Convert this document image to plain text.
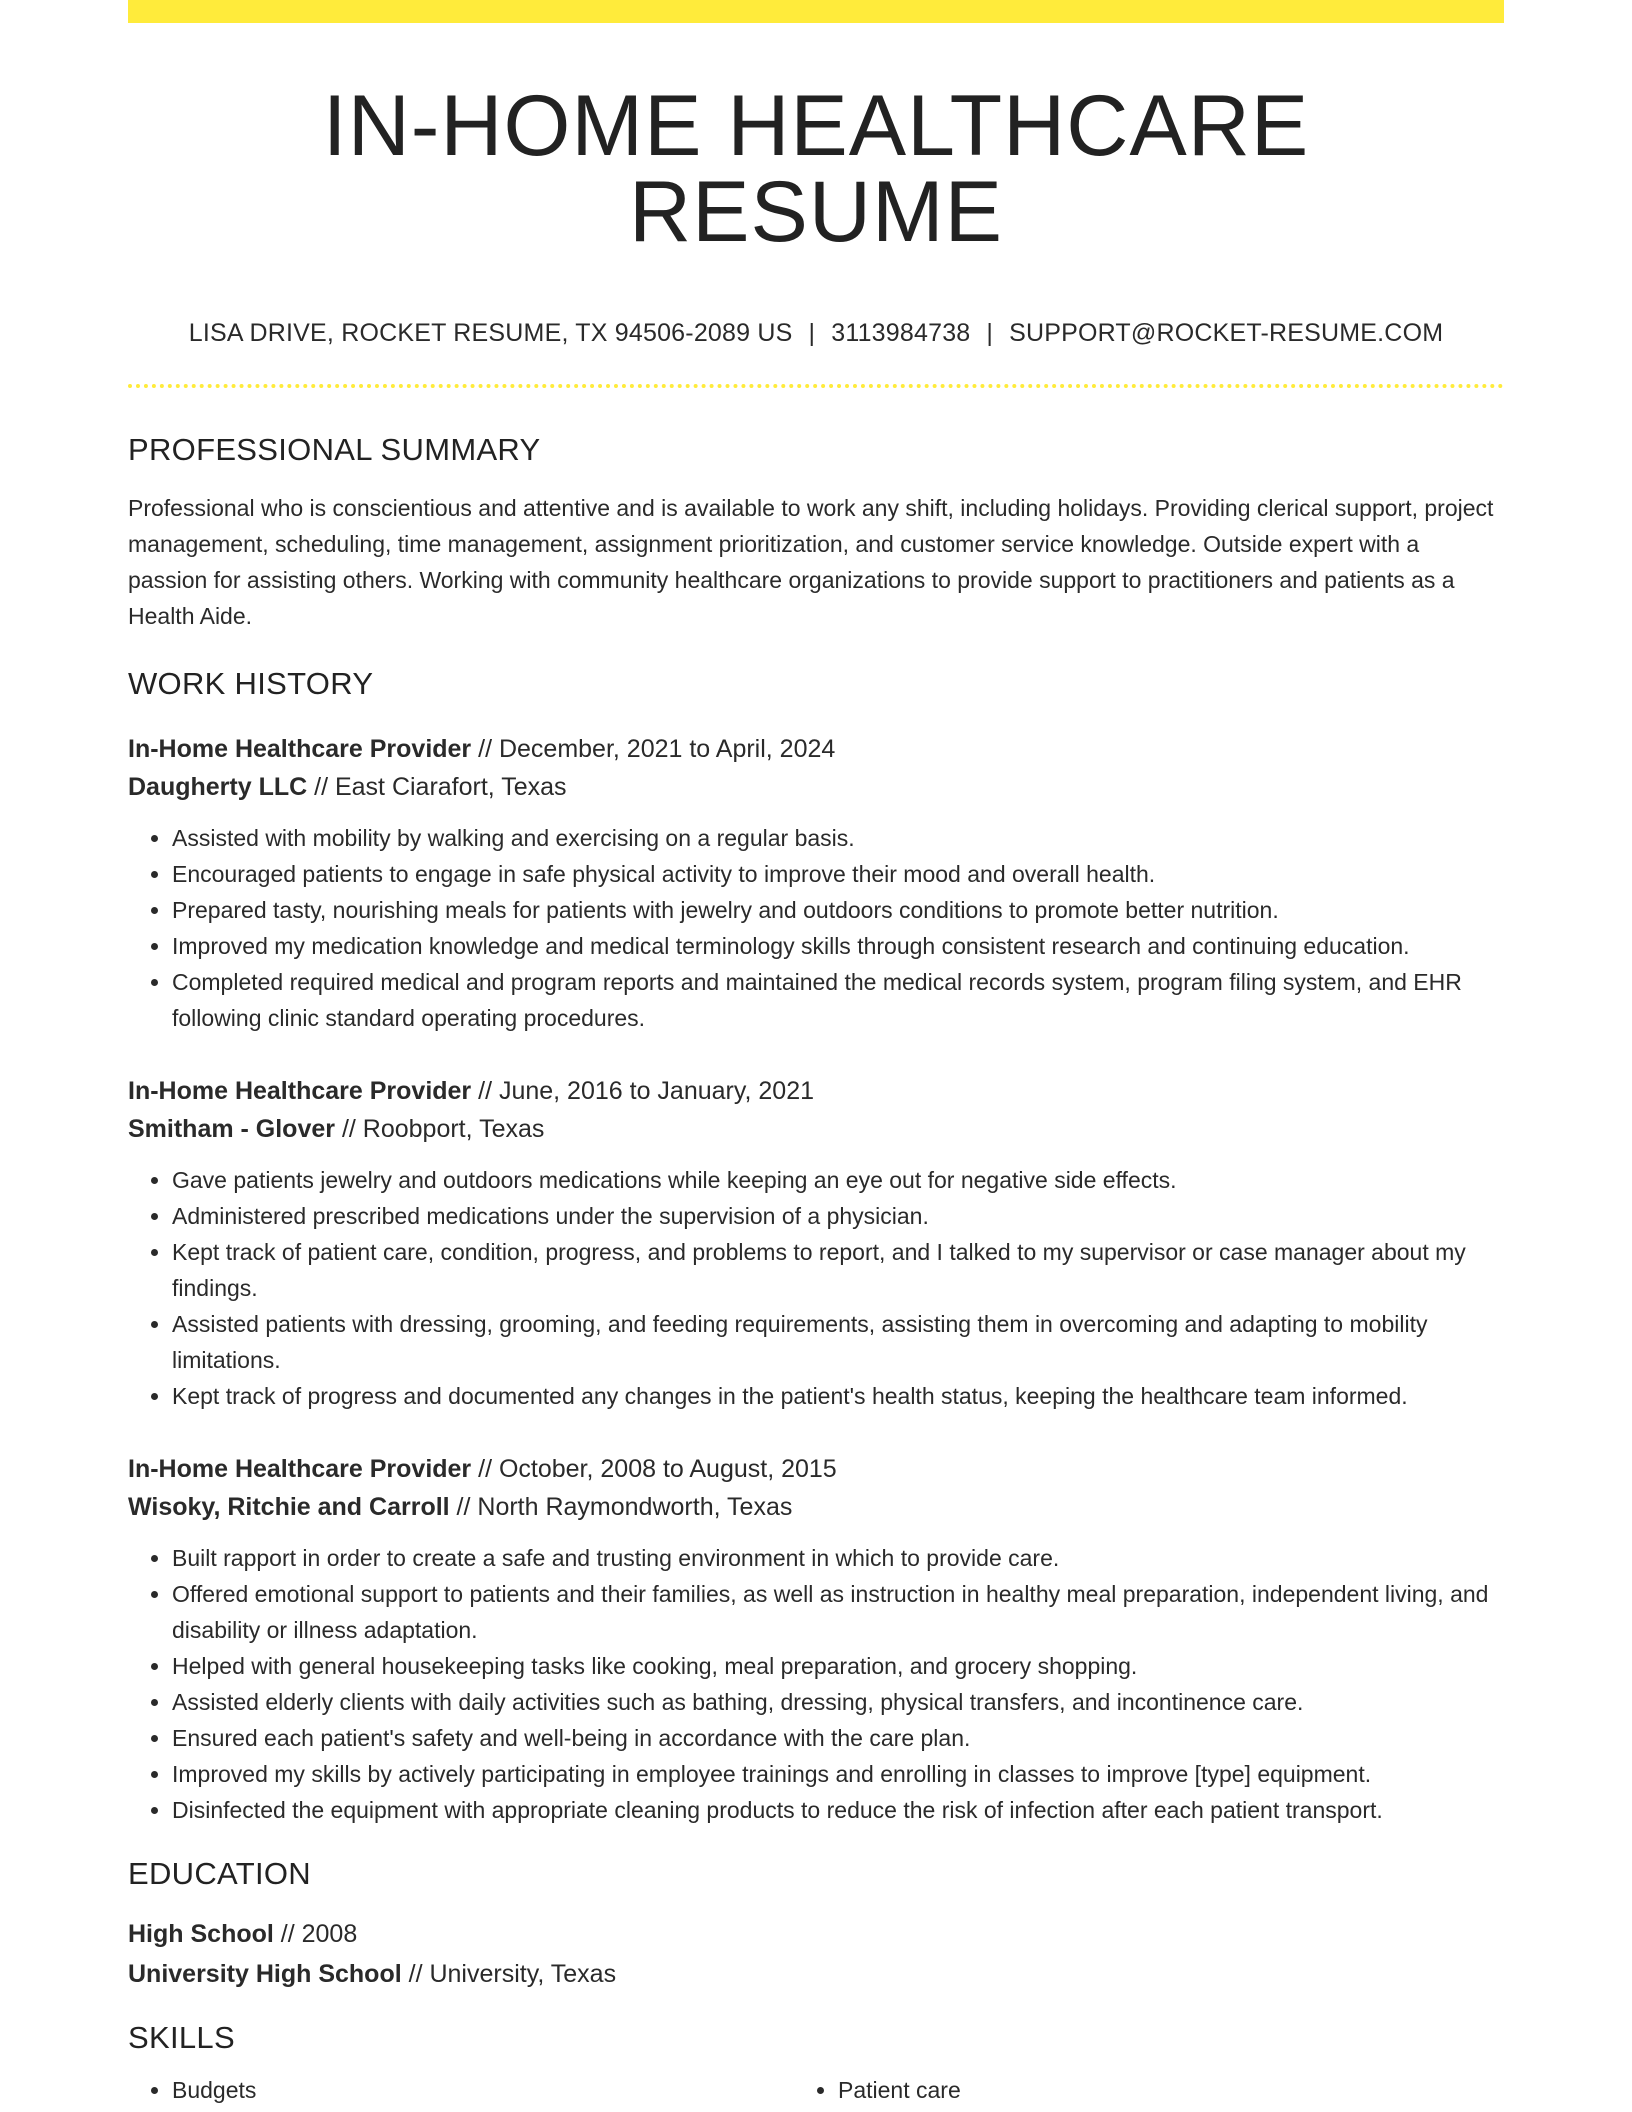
IN-HOME HEALTHCARE RESUME
LISA DRIVE, ROCKET RESUME, TX 94506-2089 US | 3113984738 | SUPPORT@ROCKET-RESUME.COM
PROFESSIONAL SUMMARY

Professional who is conscientious and attentive and is available to work any shift, including holidays. Providing clerical support, project management, scheduling, time management, assignment prioritization, and customer service knowledge. Outside expert with a passion for assisting others. Working with community healthcare organizations to provide support to practitioners and patients as a Health Aide.

WORK HISTORY
In-Home Healthcare Provider // December, 2021 to April, 2024
Daugherty LLC // East Ciarafort, Texas
• Assisted with mobility by walking and exercising on a regular basis.
• Encouraged patients to engage in safe physical activity to improve their mood and overall health.
• Prepared tasty, nourishing meals for patients with jewelry and outdoors conditions to promote better nutrition.
• Improved my medication knowledge and medical terminology skills through consistent research and continuing education.
• Completed required medical and program reports and maintained the medical records system, program filing system, and EHR following clinic standard operating procedures.
In-Home Healthcare Provider // June, 2016 to January, 2021
Smitham - Glover // Roobport, Texas
• Gave patients jewelry and outdoors medications while keeping an eye out for negative side effects.
• Administered prescribed medications under the supervision of a physician.
• Kept track of patient care, condition, progress, and problems to report, and I talked to my supervisor or case manager about my findings.
• Assisted patients with dressing, grooming, and feeding requirements, assisting them in overcoming and adapting to mobility limitations.
• Kept track of progress and documented any changes in the patient's health status, keeping the healthcare team informed.
In-Home Healthcare Provider // October, 2008 to August, 2015
Wisoky, Ritchie and Carroll // North Raymondworth, Texas
• Built rapport in order to create a safe and trusting environment in which to provide care.
• Offered emotional support to patients and their families, as well as instruction in healthy meal preparation, independent living, and disability or illness adaptation.
• Helped with general housekeeping tasks like cooking, meal preparation, and grocery shopping.
• Assisted elderly clients with daily activities such as bathing, dressing, physical transfers, and incontinence care.
• Ensured each patient's safety and well-being in accordance with the care plan.
• Improved my skills by actively participating in employee trainings and enrolling in classes to improve [type] equipment.
• Disinfected the equipment with appropriate cleaning products to reduce the risk of infection after each patient transport.
EDUCATION
High School // 2008
University High School // University, Texas
SKILLS
• Budgets
•	Patient care
